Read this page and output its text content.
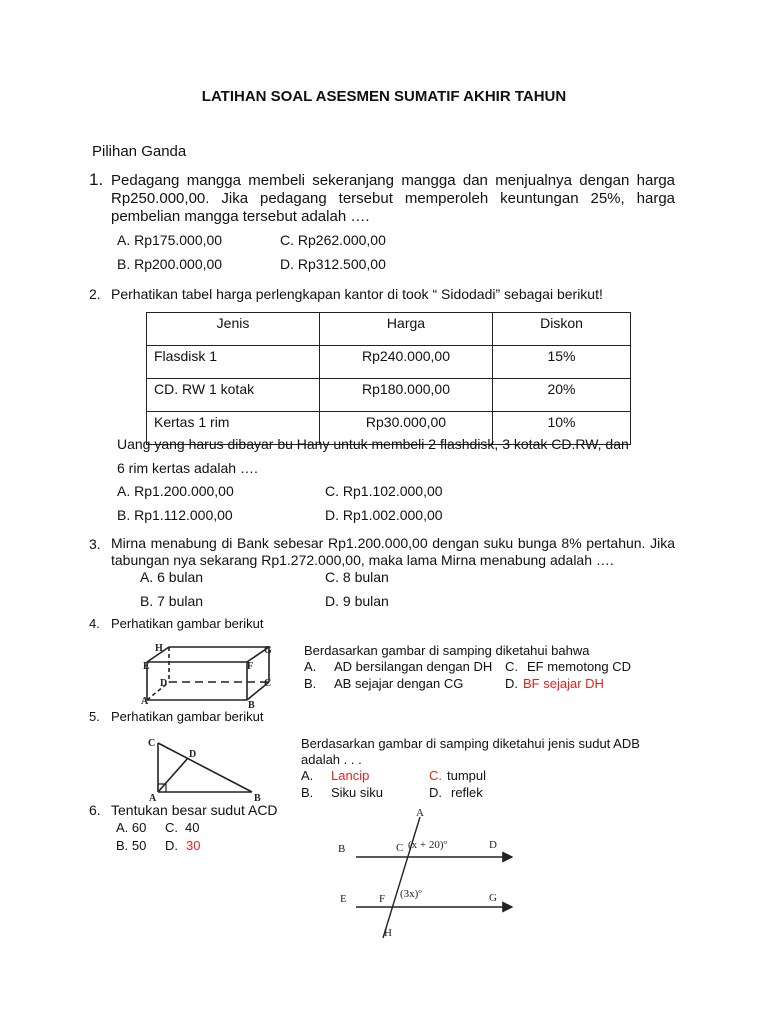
LATIHAN SOAL ASESMEN SUMATIF AKHIR TAHUN
Pilihan Ganda
1. Pedagang mangga membeli sekeranjang mangga dan menjualnya dengan harga Rp250.000,00. Jika pedagang tersebut memperoleh keuntungan 25%, harga pembelian mangga tersebut adalah ….
A. Rp175.000,00	C. Rp262.000,00
B. Rp200.000,00	D. Rp312.500,00
2. Perhatikan tabel harga perlengkapan kantor di took “ Sidodadi” sebagai berikut!
Jenis	Harga	Diskon
Flasdisk 1	Rp240.000,00	15%
CD. RW 1 kotak	Rp180.000,00	20%
Kertas 1 rim	Rp30.000,00	10%
Uang yang harus dibayar bu Hany untuk membeli 2 flashdisk, 3 kotak CD.RW, dan
6 rim kertas adalah ….
A. Rp1.200.000,00	C. Rp1.102.000,00
B. Rp1.112.000,00	D. Rp1.002.000,00
3. Mirna menabung di Bank sebesar Rp1.200.000,00 dengan suku bunga 8% pertahun. Jika tabungan nya sekarang Rp1.272.000,00, maka lama Mirna menabung adalah ….
A. 6 bulan	C. 8 bulan
B. 7 bulan	D. 9 bulan
4. Perhatikan gambar berikut
H	G
E	F
D	C
A	B
Berdasarkan gambar di samping diketahui bahwa
A. AD bersilangan dengan DH C. EF memotong CD
B. AB sejajar dengan CG	D. BF sejajar DH
5. Perhatikan gambar berikut
C
D
A	B
Berdasarkan gambar di samping diketahui jenis sudut ADB
adalah . . .
A. Lancip	C. tumpul
B. Siku siku	D. reflek
6. Tentukan besar sudut ACD
A. 60 C. 40
B. 50 D. 30
A
B	C (x + 20)º	D
E	F (3x)º	G
H
